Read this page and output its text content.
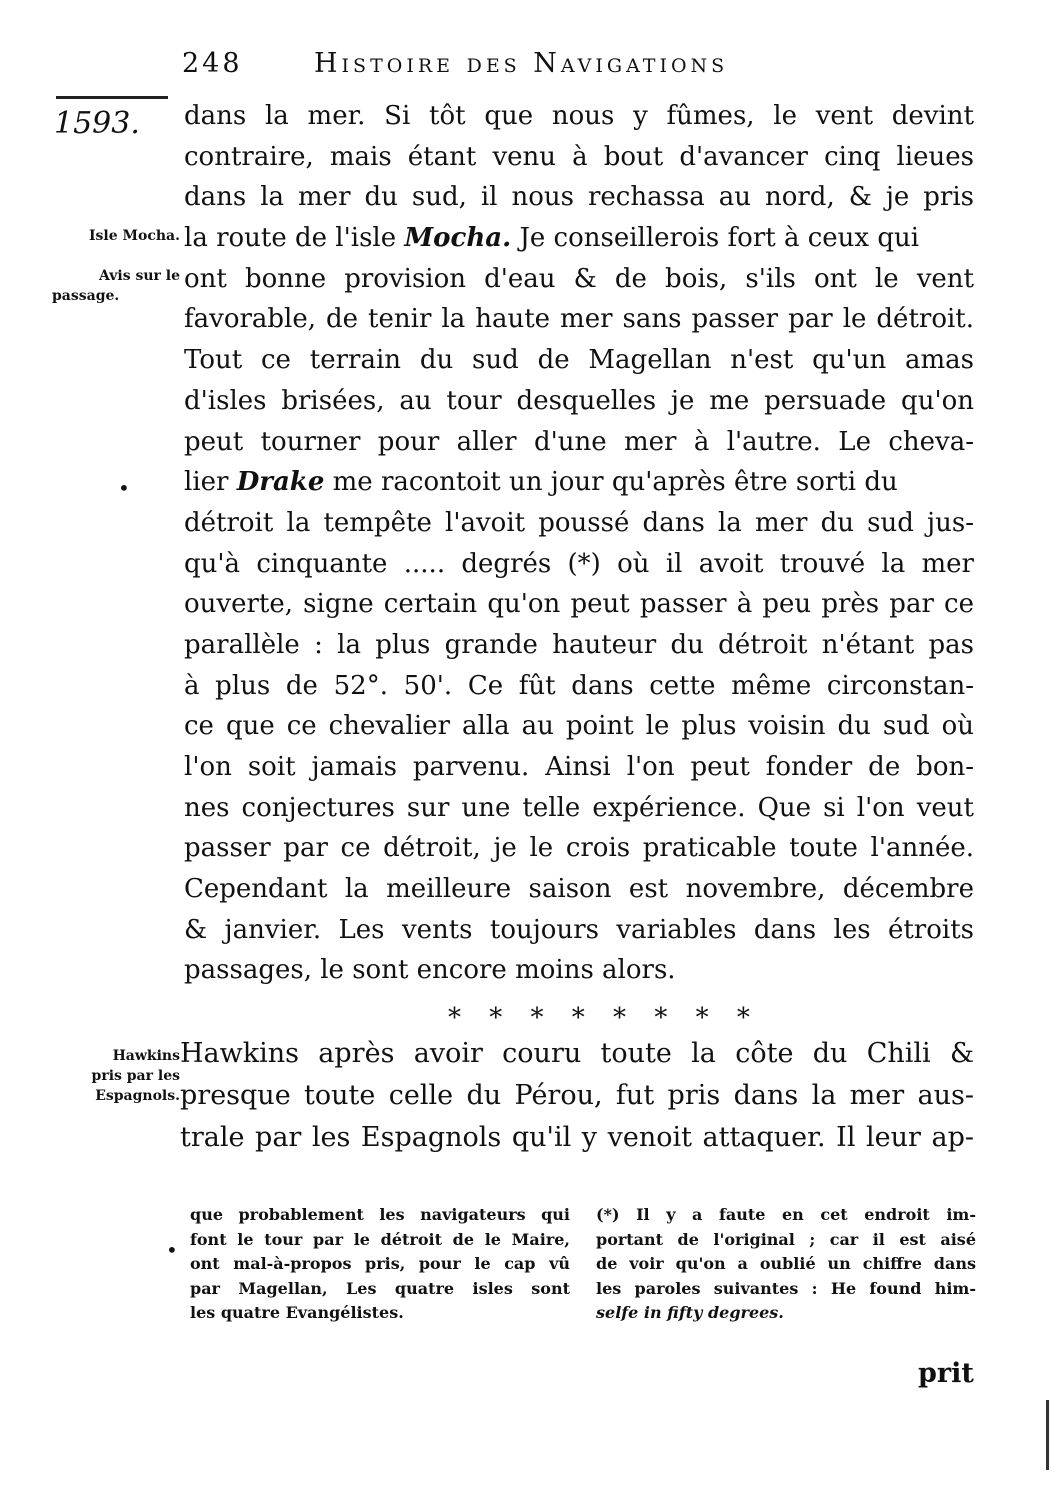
248	Histoire des Navigations
1593.
Isle Mocha.
Avis sur le
passage.
dans la mer. Si tôt que nous y fûmes, le vent devint
contraire, mais étant venu à bout d'avancer cinq lieues
dans la mer du sud, il nous rechassa au nord, & je pris
la route de l'isle Mocha. Je conseillerois fort à ceux qui
ont bonne provision d'eau & de bois, s'ils ont le vent
favorable, de tenir la haute mer sans passer par le détroit.
Tout ce terrain du sud de Magellan n'est qu'un amas
d'isles brisées, au tour desquelles je me persuade qu'on
peut tourner pour aller d'une mer à l'autre. Le cheva-
lier Drake me racontoit un jour qu'après être sorti du
détroit la tempête l'avoit poussé dans la mer du sud jus-
qu'à cinquante ..... degrés (*) où il avoit trouvé la mer
ouverte, signe certain qu'on peut passer à peu près par ce
parallèle : la plus grande hauteur du détroit n'étant pas
à plus de 52°. 50'. Ce fût dans cette même circonstan-
ce que ce chevalier alla au point le plus voisin du sud où
l'on soit jamais parvenu. Ainsi l'on peut fonder de bon-
nes conjectures sur une telle expérience. Que si l'on veut
passer par ce détroit, je le crois praticable toute l'année.
Cependant la meilleure saison est novembre, décembre
& janvier. Les vents toujours variables dans les étroits
passages, le sont encore moins alors.
•
* * * * * * * *
Hawkins
pris par les
Espagnols.
Hawkins après avoir couru toute la côte du Chili &
presque toute celle du Pérou, fut pris dans la mer aus-
trale par les Espagnols qu'il y venoit attaquer. Il leur ap-
que probablement les navigateurs qui
font le tour par le détroit de le Maire,
ont mal-à-propos pris, pour le cap vû
par Magellan, Les quatre isles sont
les quatre Evangélistes.
•
(*) Il y a faute en cet endroit im-
portant de l'original ; car il est aisé
de voir qu'on a oublié un chiffre dans
les paroles suivantes : He found him-
selfe in fifty degrees.
prit
